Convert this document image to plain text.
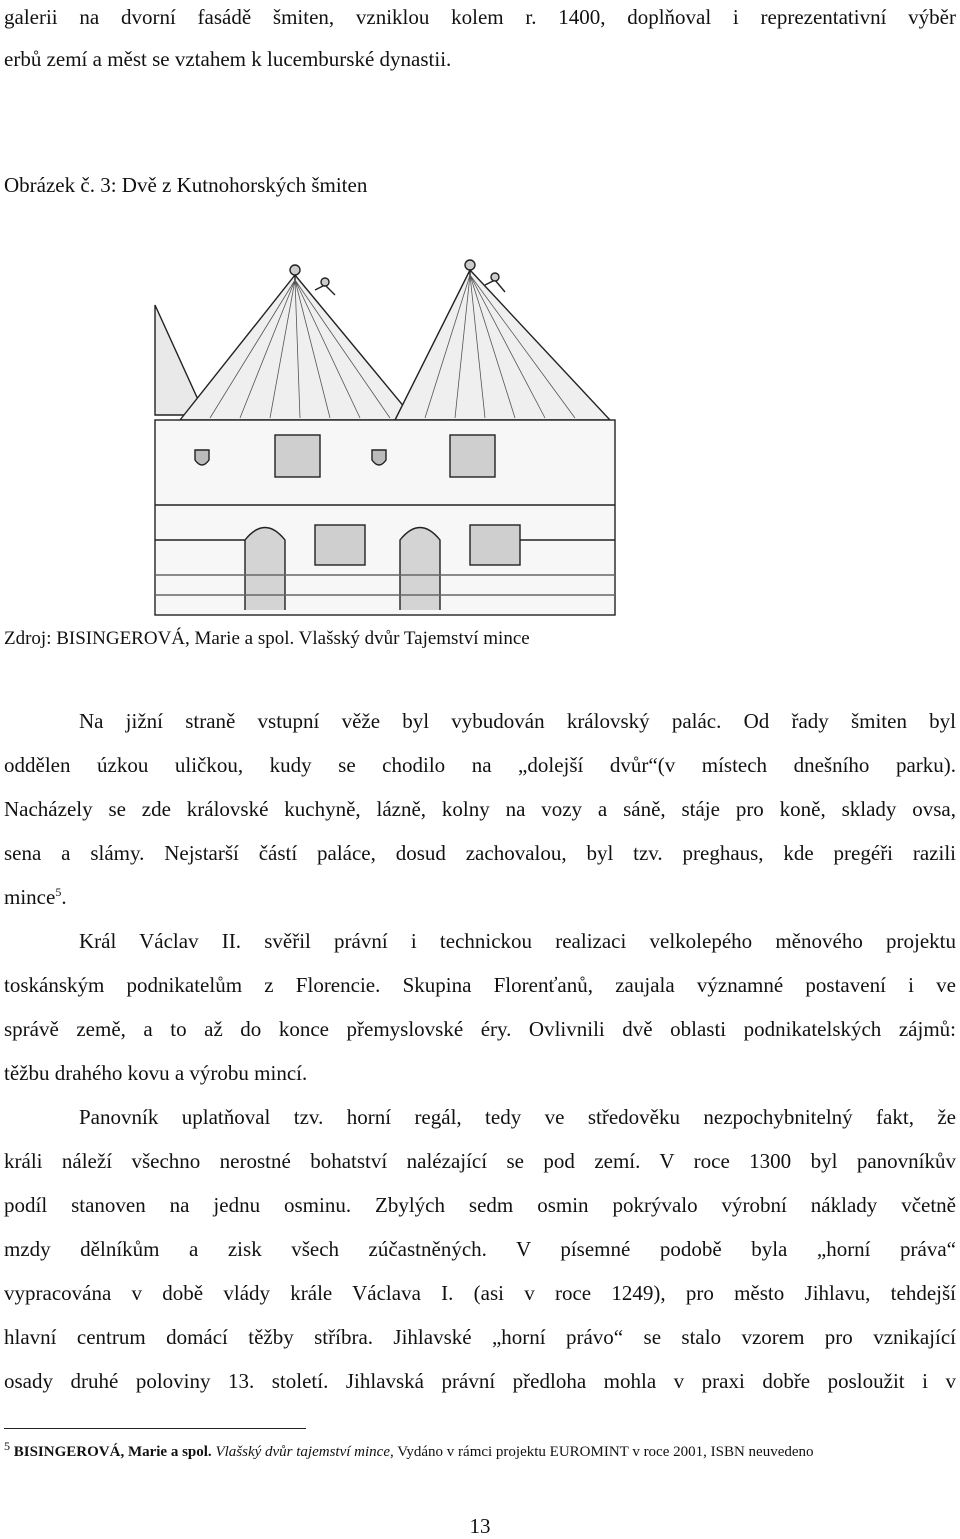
galerii na dvorní fasádě šmiten, vzniklou kolem r. 1400, doplňoval i reprezentativní výběr
erbů zemí a měst se vztahem k lucemburské dynastii.
Obrázek č. 3: Dvě z Kutnohorských šmiten
Zdroj: BISINGEROVÁ, Marie a spol. Vlašský dvůr Tajemství mince
Na jižní straně vstupní věže byl vybudován královský palác. Od řady šmiten byl
oddělen úzkou uličkou, kudy se chodilo na „dolejší dvůr“(v místech dnešního parku).
Nacházely se zde královské kuchyně, lázně, kolny na vozy a sáně, stáje pro koně, sklady ovsa,
sena a slámy. Nejstarší částí paláce, dosud zachovalou, byl tzv. preghaus, kde pregéři razili
mince$^5$.
Král Václav II. svěřil právní i technickou realizaci velkolepého měnového projektu
toskánským podnikatelům z Florencie. Skupina Florenťanů, zaujala významné postavení i ve
správě země, a to až do konce přemyslovské éry. Ovlivnili dvě oblasti podnikatelských zájmů:
těžbu drahého kovu a výrobu mincí.
Panovník uplatňoval tzv. horní regál, tedy ve středověku nezpochybnitelný fakt, že
králi náleží všechno nerostné bohatství nalézající se pod zemí. V roce 1300 byl panovníkův
podíl stanoven na jednu osminu. Zbylých sedm osmin pokrývalo výrobní náklady včetně
mzdy dělníkům a zisk všech zúčastněných. V písemné podobě byla „horní práva“
vypracována v době vlády krále Václava I. (asi v roce 1249), pro město Jihlavu, tehdejší
hlavní centrum domácí těžby stříbra. Jihlavské „horní právo“ se stalo vzorem pro vznikající
osady druhé poloviny 13. století. Jihlavská právní předloha mohla v praxi dobře posloužit i v
$^5$ BISINGEROVÁ, Marie a spol. Vlašský dvůr tajemství mince, Vydáno v rámci projektu EUROMINT v roce 2001, ISBN neuvedeno
13
